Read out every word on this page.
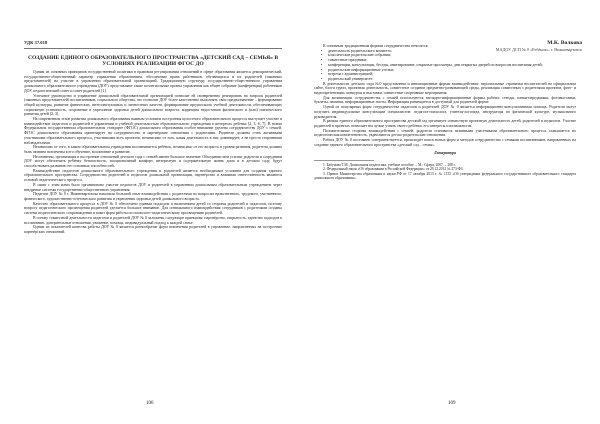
УДК 37.018	М.К. Волкова
МАДОУ ДСП № 0 «Ребёнок», г. Нижневартовск
СОЗДАНИЕ ЕДИНОГО ОБРАЗОВАТЕЛЬНОГО ПРОСТРАНСТВА «ДЕТСКИЙ САД – СЕМЬЯ» В УСЛОВИЯХ РЕАЛИЗАЦИИ ФГОС ДО

Одним из основных принципов государственной политики в правовом регулировании отношений в сфере образования является демократический, государственно-общественный характер управления образованием, обеспечение права работников, обучающихся и их родителей (законных представителей) на участие в управлении образовательной организацией. Традиционную структуру государственно-общественного управления дошкольного образовательного учреждения (ДОУ) представляют такие коллегиальные органы управления как общее собрание (конференция) работников ДОУ, педагогический совет и совет родителей [1].

Успешное руководство и управление дошкольной образовательной организацией позволит ей своевременно реагировать на запросы родителей (законных представителей) воспитанников, социального общества, что позволит ДОУ более качественно выполнять свои предназначение – формирование общей культуры, развитие физических, интеллектуальных и личностных качеств, формирование предпосылок учебной деятельности, обеспечивающих социальную успешность, сохранение и укрепление здоровья детей дошкольного возраста, коррекция недостатков физического и (или) психического развития детей [2, 3].

На современном этапе развития дошкольного образования важным условием построения целостного образовательного процесса выступает участие и взаимодействие педагогов и родителей в управлении и учебной деятельностью образовательного учреждения в интересах ребёнка [2, 3, 6, 7]. В новом Федеральном государственном образовательном стандарте (ФГОС) дошкольного образования особое внимание уделено сотрудничеству ДОУ с семьей. ФГОС дошкольного образования ориентирует на сотрудничество и партнёрские отношения с родителями. Родители должны стать активными участниками образовательного процесса, участниками всех проектов, независимо от того, какая деятельность в них доминирует, а не просто сторонними наблюдателями.

Независимо от того, в каком образовательном учреждении воспитывается ребёнок, независимо от его возраста и уровня развития, родители должны быть активно вовлечены в его обучение, воспитание и развитие.

Несомненно, организация и построение отношений детского сада с семьёй имеют большое значение. Объединяя свои усилия, родители и сотрудники ДОУ могут обеспечить ребёнку безопасность, эмоциональный комфорт, интересную и содержательную жизнь дома и в детском саду, будут способствовать развитию его основных способностей.

Взаимодействие педагогов дошкольного образовательного учреждения и родителей является необходимым условием для создания единого образовательного пространства. Сотрудничество родителей и педагогов дошкольной организации, партнёрство и взаимная ответственность являются основой педагогического процесса.

В связи с этим нами было организовано участие педагогов ДОУ и родителей в управлении дошкольным образовательным учреждением через внедрение системы государственно-общественного управления.

Педагоги ДОУ № 0 г. Нижневартовска накопили большой опыт взаимодействия с родителями по вопросам нравственного, трудового, умственного, физического, художественно-эстетического развития и укрепления здоровья детей дошкольного возраста.

Качество образовательного процесса в ДОУ № 0 обеспечено единым подходом и включением детей со стороны родителей и педагогов, поэтому вопросу педагогического просвещения родителей уделяется большое внимание. Для оптимального взаимодействия сотрудников с родителями созданы система педагогического сопровождения и пакет форм работы по психолого-педагогическому просвещению родителей.

В основу совместной деятельности педагогов и родителей ДОУ № 0 заложены следующие принципы: партнёрство, открытость, единство подходов к воспитанию, доверительные отношения, уважение, помощь, индивидуальный подход к каждой семье.

Одним из показателей качества работы ДОУ № 0 является разнообразие форм вовлечения родителей в управление, направленных на построение партнёрских отношений.

К основным традиционным формам сотрудничества относятся:

• деятельность родительского комитета;
• классические родительские собрания;
• совместные праздники;
• конференции, консультации, беседы, анкетирование, открытые просмотры, дни открытых дверей по вопросам воспитания детей;
• родительские информационные уголки;
• встречи с администрацией;
• родительский университет.

В деятельности детского сада №0 представлены и инновационные формы взаимодействия: персональные странички воспитателей на официальном сайте, блоги групп, проектная деятельность, совместное создание предметно-развивающей среды, реализация совместных с родителями проектов, фото- и видеопрезентации, конкурсы и выставки, совместные спортивные мероприятия.

Для активизации сотрудничества с семьёй используются наглядно-информационные формы работы: стенды, папки-передвижки, фотовыставки, буклеты, памятки, информационные листы. Информация размещается в доступной для родителей форме.

Одной из популярных форм сотрудничества педагогов и родителей ДОУ № 0 является информационно-консультативная помощь. Родители могут получить индивидуальные консультации специалистов: педагога-психолога, учителя-логопеда, инструктора по физической культуре, музыкального руководителя.

В рамках единого образовательного пространства детский сад организует совместную проектную деятельность детей, родителей и педагогов. Участие родителей в проектах позволяет им лучше узнать своего ребёнка, его интересы и возможности.

Положительные стороны взаимодействия с семьёй: родители становятся активными участниками образовательного процесса, повышается их педагогическая компетентность, укрепляются детско-родительские отношения.

Работа ДОУ № 0 постоянно совершенствуется, происходит поиск новых форм и методов сотрудничества с семьями воспитанников, направленных на создание единого образовательного пространства «детский сад – семья».

Литература
1. Бабунова Т.М. Дошкольная педагогика: учебное пособие. – М.: Сфера, 2007. – 208 с.
2. Федеральный закон «Об образовании в Российской Федерации» от 29.12.2012 № 273-ФЗ.
3. Приказ Министерства образования и науки РФ от 17 октября 2013 г. № 1155 «Об утверждении федерального государственного образовательного стандарта дошкольного образования».
106	109
